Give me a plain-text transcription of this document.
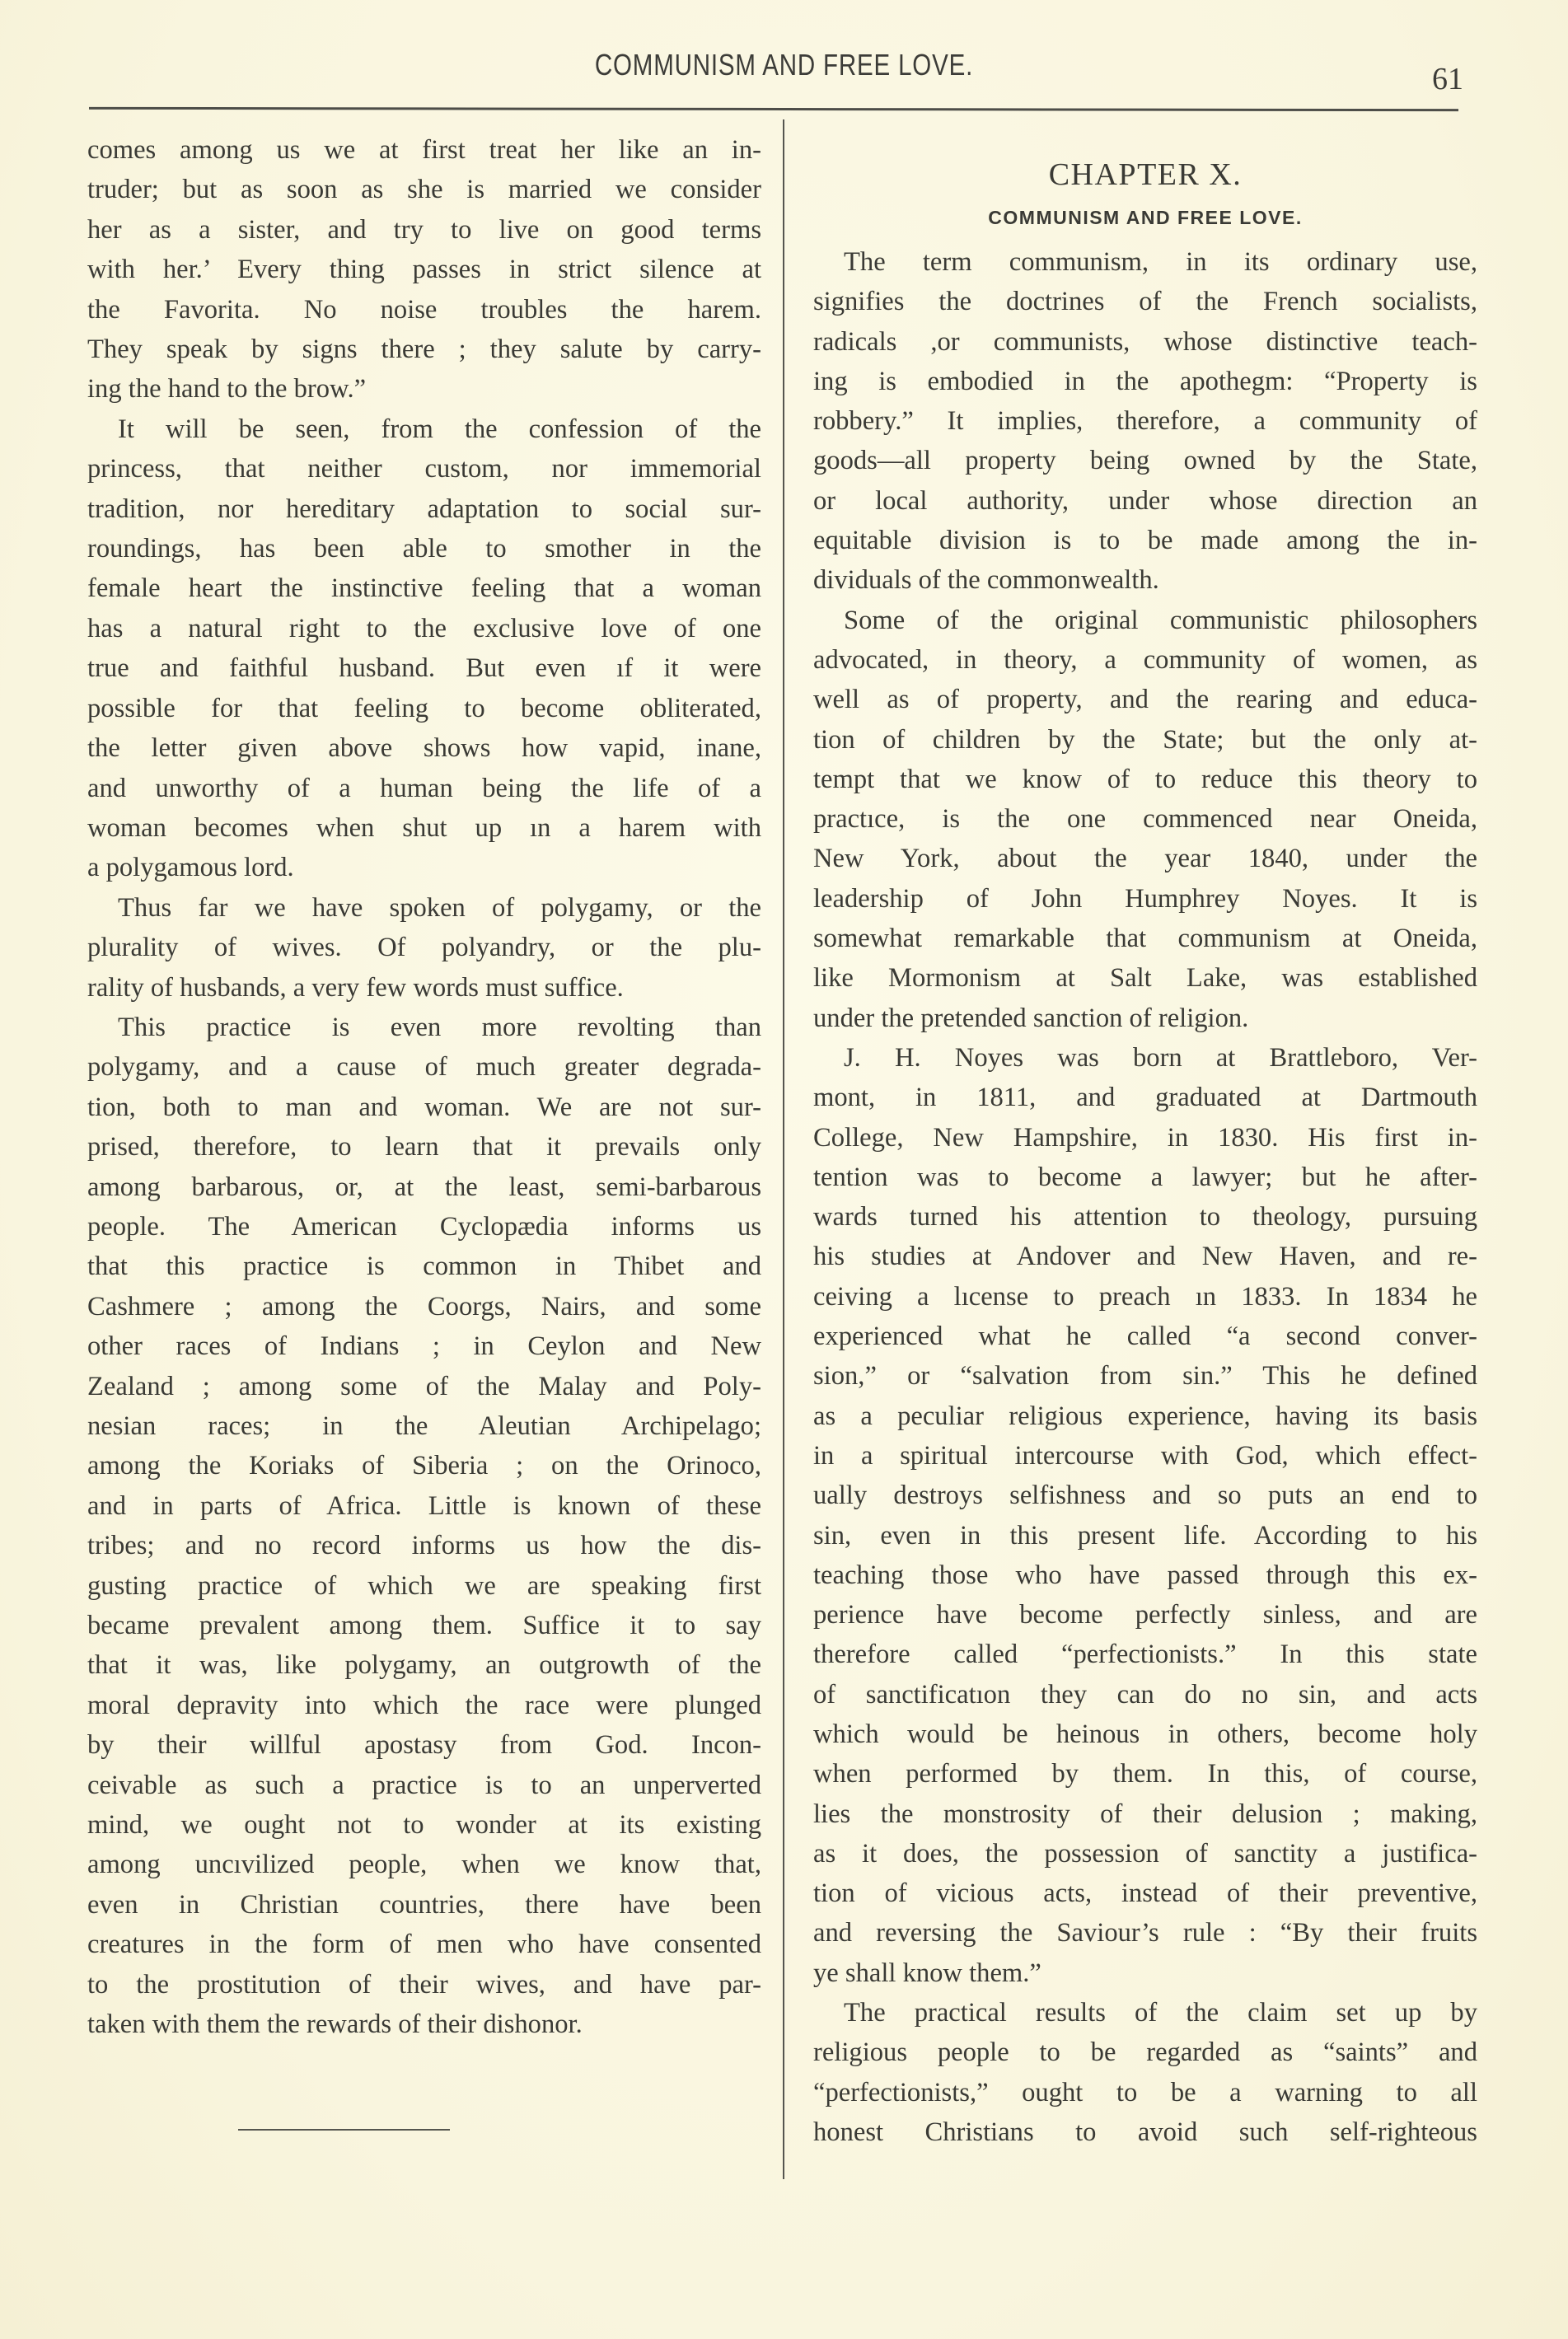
COMMUNISM AND FREE LOVE.	61
comes among us we at first treat her like an in-
truder; but as soon as she is married we consider
her as a sister, and try to live on good terms
with her.’ Every thing passes in strict silence at
the Favorita. No noise troubles the harem.
They speak by signs there ; they salute by carry-
ing the hand to the brow.”
It will be seen, from the confession of the
princess, that neither custom, nor immemorial
tradition, nor hereditary adaptation to social sur-
roundings, has been able to smother in the
female heart the instinctive feeling that a woman
has a natural right to the exclusive love of one
true and faithful husband. But even ıf it were
possible for that feeling to become obliterated,
the letter given above shows how vapid, inane,
and unworthy of a human being the life of a
woman becomes when shut up ın a harem with
a polygamous lord.
Thus far we have spoken of polygamy, or the
plurality of wives. Of polyandry, or the plu-
rality of husbands, a very few words must suffice.
This practice is even more revolting than
polygamy, and a cause of much greater degrada-
tion, both to man and woman. We are not sur-
prised, therefore, to learn that it prevails only
among barbarous, or, at the least, semi-barbarous
people. The American Cyclopædia informs us
that this practice is common in Thibet and
Cashmere ; among the Coorgs, Nairs, and some
other races of Indians ; in Ceylon and New
Zealand ; among some of the Malay and Poly-
nesian races; in the Aleutian Archipelago;
among the Koriaks of Siberia ; on the Orinoco,
and in parts of Africa. Little is known of these
tribes; and no record informs us how the dis-
gusting practice of which we are speaking first
became prevalent among them. Suffice it to say
that it was, like polygamy, an outgrowth of the
moral depravity into which the race were plunged
by their willful apostasy from God. Incon-
ceivable as such a practice is to an unperverted
mind, we ought not to wonder at its existing
among uncıvilized people, when we know that,
even in Christian countries, there have been
creatures in the form of men who have consented
to the prostitution of their wives, and have par-
taken with them the rewards of their dishonor.
CHAPTER X.
COMMUNISM AND FREE LOVE.
The term communism, in its ordinary use,
signifies the doctrines of the French socialists,
radicals ,or communists, whose distinctive teach-
ing is embodied in the apothegm: “Property is
robbery.” It implies, therefore, a community of
goods—all property being owned by the State,
or local authority, under whose direction an
equitable division is to be made among the in-
dividuals of the commonwealth.
Some of the original communistic philosophers
advocated, in theory, a community of women, as
well as of property, and the rearing and educa-
tion of children by the State; but the only at-
tempt that we know of to reduce this theory to
practıce, is the one commenced near Oneida,
New York, about the year 1840, under the
leadership of John Humphrey Noyes. It is
somewhat remarkable that communism at Oneida,
like Mormonism at Salt Lake, was established
under the pretended sanction of religion.
J. H. Noyes was born at Brattleboro, Ver-
mont, in 1811, and graduated at Dartmouth
College, New Hampshire, in 1830. His first in-
tention was to become a lawyer; but he after-
wards turned his attention to theology, pursuing
his studies at Andover and New Haven, and re-
ceiving a lıcense to preach ın 1833. In 1834 he
experienced what he called “a second conver-
sion,” or “salvation from sin.” This he defined
as a peculiar religious experience, having its basis
in a spiritual intercourse with God, which effect-
ually destroys selfishness and so puts an end to
sin, even in this present life. According to his
teaching those who have passed through this ex-
perience have become perfectly sinless, and are
therefore called “perfectionists.” In this state
of sanctificatıon they can do no sin, and acts
which would be heinous in others, become holy
when performed by them. In this, of course,
lies the monstrosity of their delusion ; making,
as it does, the possession of sanctity a justifica-
tion of vicious acts, instead of their preventive,
and reversing the Saviour’s rule : “By their fruits
ye shall know them.”
The practical results of the claim set up by
religious people to be regarded as “saints” and
“perfectionists,” ought to be a warning to all
honest Christians to avoid such self-righteous
